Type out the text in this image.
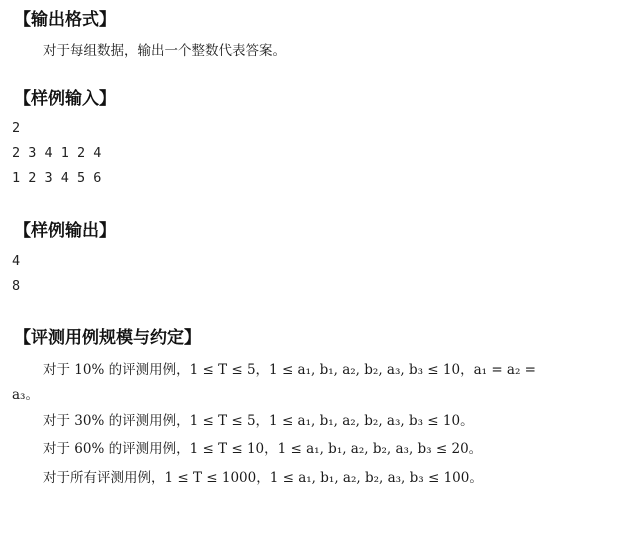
【输出格式】
对于每组数据，输出一个整数代表答案。
【样例输入】
2
2 3 4 1 2 4
1 2 3 4 5 6
【样例输出】
4
8
【评测用例规模与约定】
对于 10% 的评测用例，1 ≤ T ≤ 5，1 ≤ a₁, b₁, a₂, b₂, a₃, b₃ ≤ 10，a₁ = a₂ =
a₃。
对于 30% 的评测用例，1 ≤ T ≤ 5，1 ≤ a₁, b₁, a₂, b₂, a₃, b₃ ≤ 10。
对于 60% 的评测用例，1 ≤ T ≤ 10，1 ≤ a₁, b₁, a₂, b₂, a₃, b₃ ≤ 20。
对于所有评测用例，1 ≤ T ≤ 1000，1 ≤ a₁, b₁, a₂, b₂, a₃, b₃ ≤ 100。
